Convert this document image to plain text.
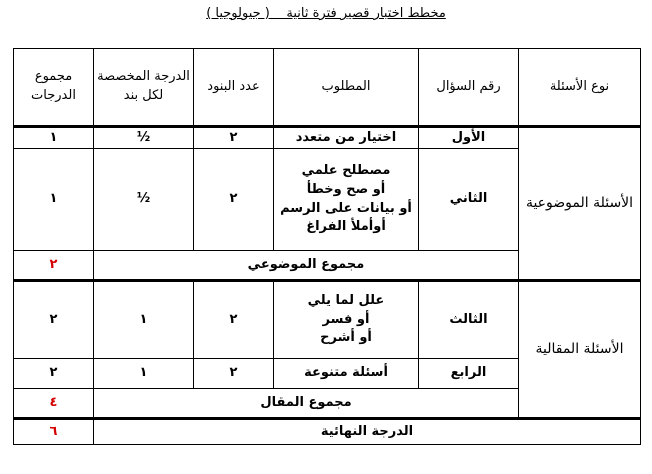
مخطط اختبار قصير فترة ثانية    ( جيولوجيا )
نوع الأسئلة	رقم السؤال	المطلوب	عدد البنود	الدرجة المخصصة لكل بند	مجموع الدرجات
الأسئلة الموضوعية	الأول	اختيار من متعدد	٢	½	١
	الثاني	مصطلح علمي
أو صح وخطأ
أو بيانات على الرسم
أوأملأ الفراغ	٢	½	١
	مجموع الموضوعي				٢
الأسئلة المقالية	الثالث	علل لما يلي
أو فسر
أو أشرح	٢	١	٢
	الرابع	أسئلة متنوعة	٢	١	٢
	مجموع المقال				٤
الدرجة النهائية					٦
